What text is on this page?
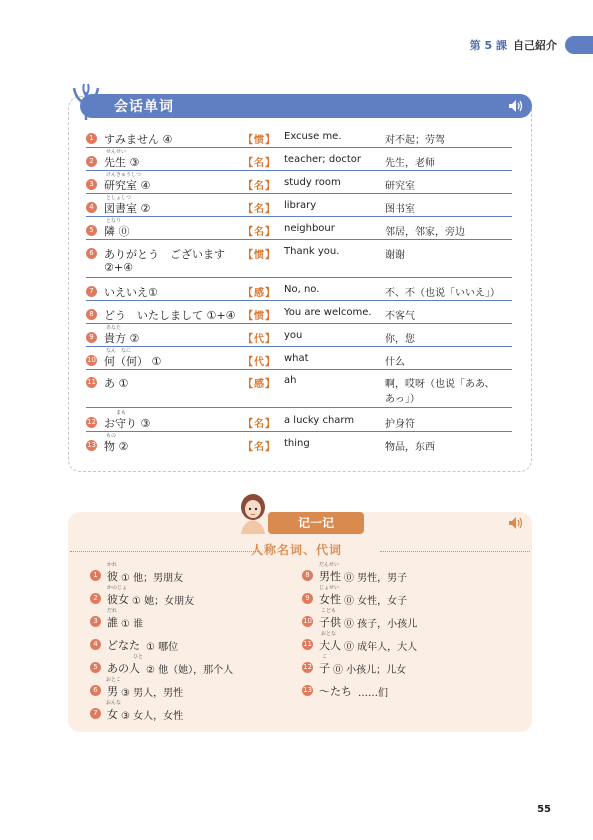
第 5 課 自己紹介
会话单词
1 すみません ④	【惯】 Excuse me.	对不起；劳驾
せんせい
2 先生 ③	【名】 teacher; doctor 先生，老师
けんきゅうしつ
3 研究室 ④	【名】 study room	研究室
としょしつ
4 図書室 ②	【名】 library	图书室
となり
5 隣 ⓪	【名】 neighbour	邻居，邻家，旁边
6 ありがとう　ございます
②+④
【惯】 Thank you.	谢谢
7 いえいえ①	【感】 No, no.	不、不（也说「いいえ」）
8 どう　いたしまして ①+④ 【惯】 You are welcome. 不客气
あなた
9 貴方 ②	【代】 you	你，您
なん　なに
10 何（何） ①	【代】 what	什么
11 あ ①	【感】 ah	啊，哎呀（也说「ああ、
あっ」）
まも
12 お守り ③	【名】 a lucky charm	护身符
もの
13 物 ②	【名】 thing	物品，东西
记一记
人称名词、代词
1
かれ
彼 ① 他；男朋友
2
かのじょ
彼女 ① 她；女朋友
3
だれ
誰 ① 谁
4 どなた ① 哪位
5
ひと
あの人 ② 他（她），那个人
6
おとこ
男 ③ 男人，男性
7
おんな
女 ③ 女人，女性
8
だんせい
男性 ⓪ 男性，男子
9
じょせい
女性 ⓪ 女性，女子
10
こども
子供 ⓪ 孩子，小孩儿
11
おとな
大人 ⓪ 成年人，大人
12
こ
子 ⓪ 小孩儿；儿女
13 ～たち ……们
55
